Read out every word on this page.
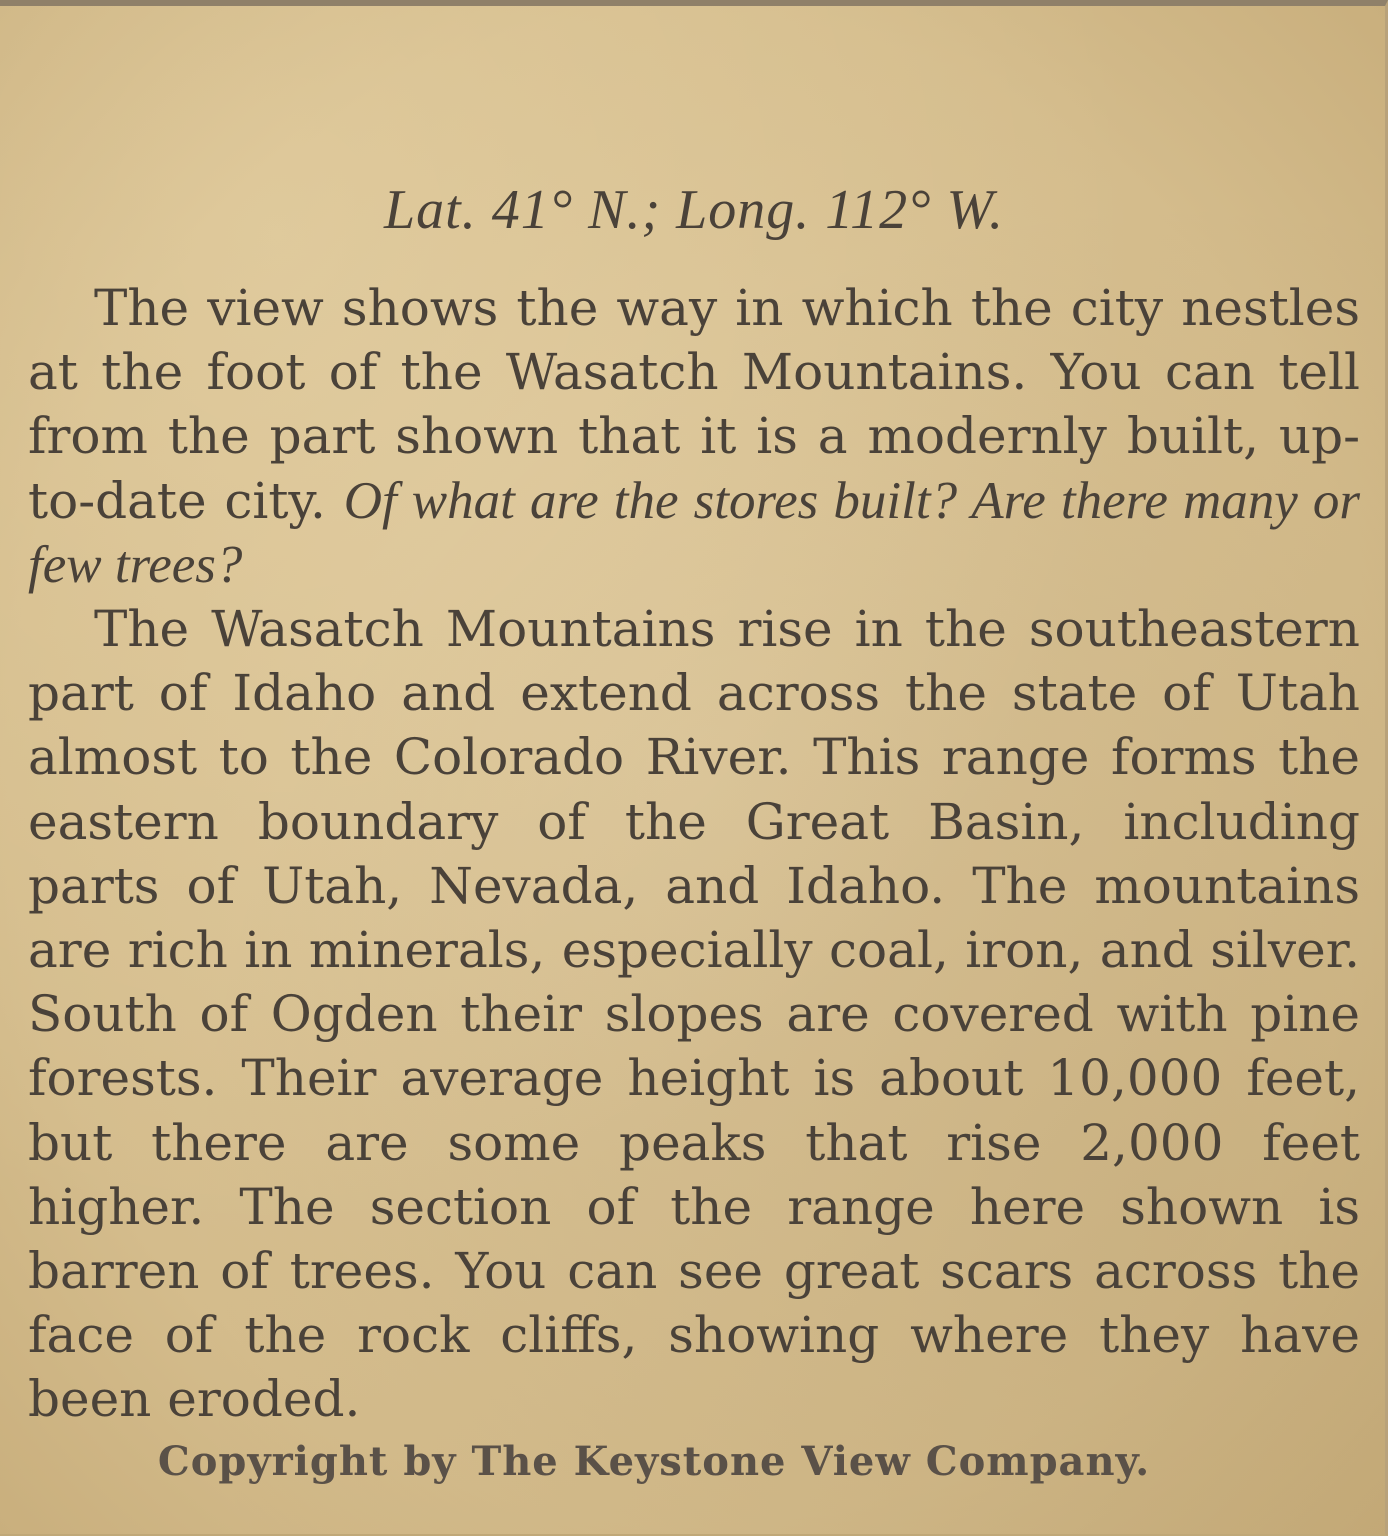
Lat. 41° N.; Long. 112° W.

The view shows the way in which the city nestles at the foot of the Wasatch Mountains. You can tell from the part shown that it is a modernly built, up-to-date city. Of what are the stores built? Are there many or few trees?

The Wasatch Mountains rise in the southeastern part of Idaho and extend across the state of Utah almost to the Colorado River. This range forms the eastern boundary of the Great Basin, including parts of Utah, Nevada, and Idaho. The mountains are rich in minerals, especially coal, iron, and silver. South of Ogden their slopes are covered with pine forests. Their average height is about 10,000 feet, but there are some peaks that rise 2,000 feet higher. The section of the range here shown is barren of trees. You can see great scars across the face of the rock cliffs, showing where they have been eroded.

Copyright by The Keystone View Company.
